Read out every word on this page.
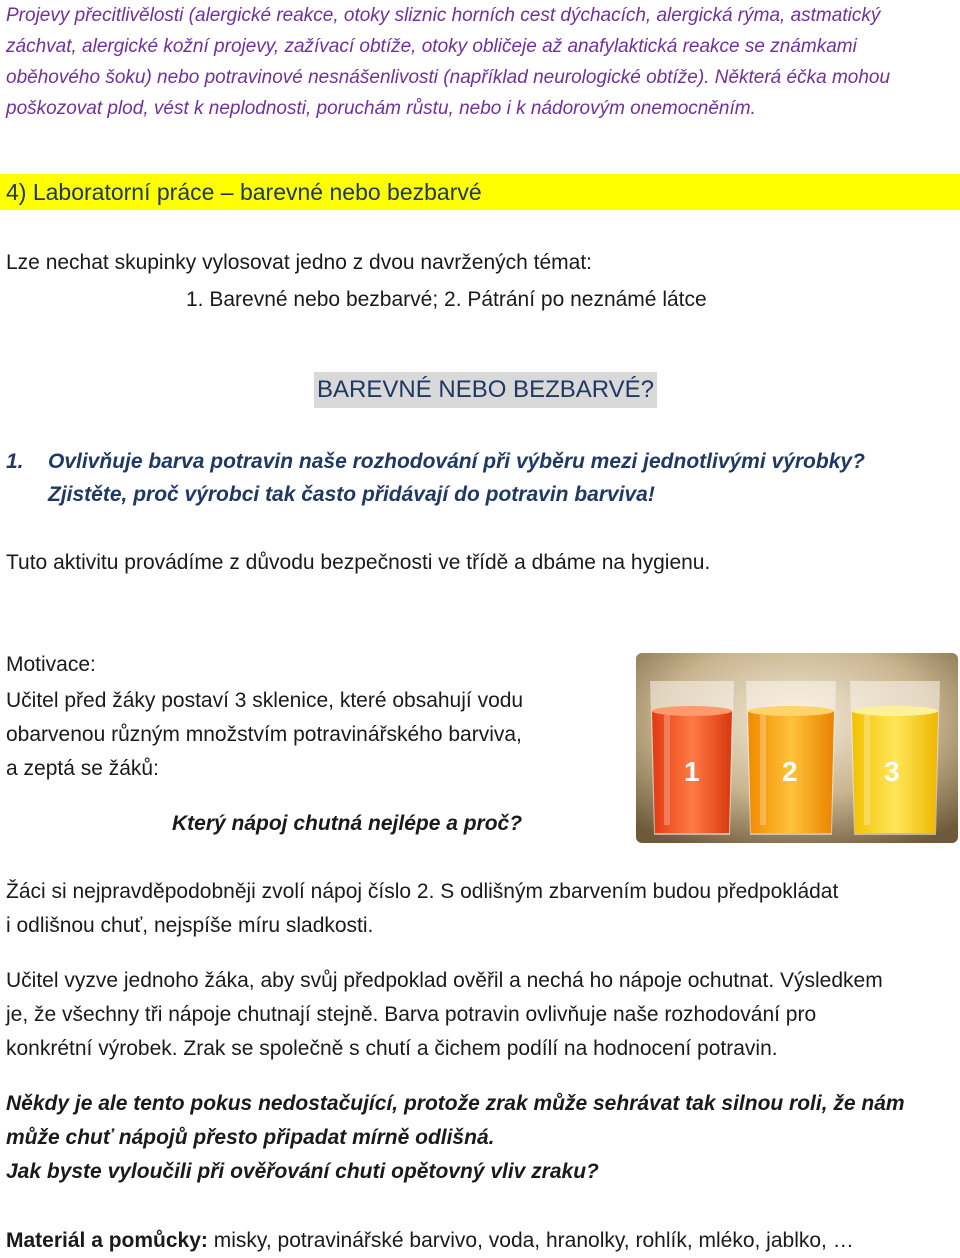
Projevy přecitlivělosti (alergické reakce, otoky sliznic horních cest dýchacích, alergická rýma, astmatický

záchvat, alergické kožní projevy, zažívací obtíže, otoky obličeje až anafylaktická reakce se známkami

oběhového šoku) nebo potravinové nesnášenlivosti (například neurologické obtíže). Některá éčka mohou

poškozovat plod, vést k neplodnosti, poruchám růstu, nebo i k nádorovým onemocněním.

4) Laboratorní práce – barevné nebo bezbarvé

Lze nechat skupinky vylosovat jedno z dvou navržených témat:

1. Barevné nebo bezbarvé; 2. Pátrání po neznámé látce

BAREVNÉ NEBO BEZBARVÉ?

1. Ovlivňuje barva potravin naše rozhodování při výběru mezi jednotlivými výrobky?

Zjistěte, proč výrobci tak často přidávají do potravin barviva!

Tuto aktivitu provádíme z důvodu bezpečnosti ve třídě a dbáme na hygienu.

Motivace:

Učitel před žáky postaví 3 sklenice, které obsahují vodu

obarvenou různým množstvím potravinářského barviva,

a zeptá se žáků:

Který nápoj chutná nejlépe a proč?

1	2	3

Žáci si nejpravděpodobněji zvolí nápoj číslo 2. S odlišným zbarvením budou předpokládat

i odlišnou chuť, nejspíše míru sladkosti.

Učitel vyzve jednoho žáka, aby svůj předpoklad ověřil a nechá ho nápoje ochutnat. Výsledkem

je, že všechny tři nápoje chutnají stejně. Barva potravin ovlivňuje naše rozhodování pro

konkrétní výrobek. Zrak se společně s chutí a čichem podílí na hodnocení potravin.

Někdy je ale tento pokus nedostačující, protože zrak může sehrávat tak silnou roli, že nám

může chuť nápojů přesto připadat mírně odlišná.

Jak byste vyloučili při ověřování chuti opětovný vliv zraku?

Materiál a pomůcky: misky, potravinářské barvivo, voda, hranolky, rohlík, mléko, jablko, …
